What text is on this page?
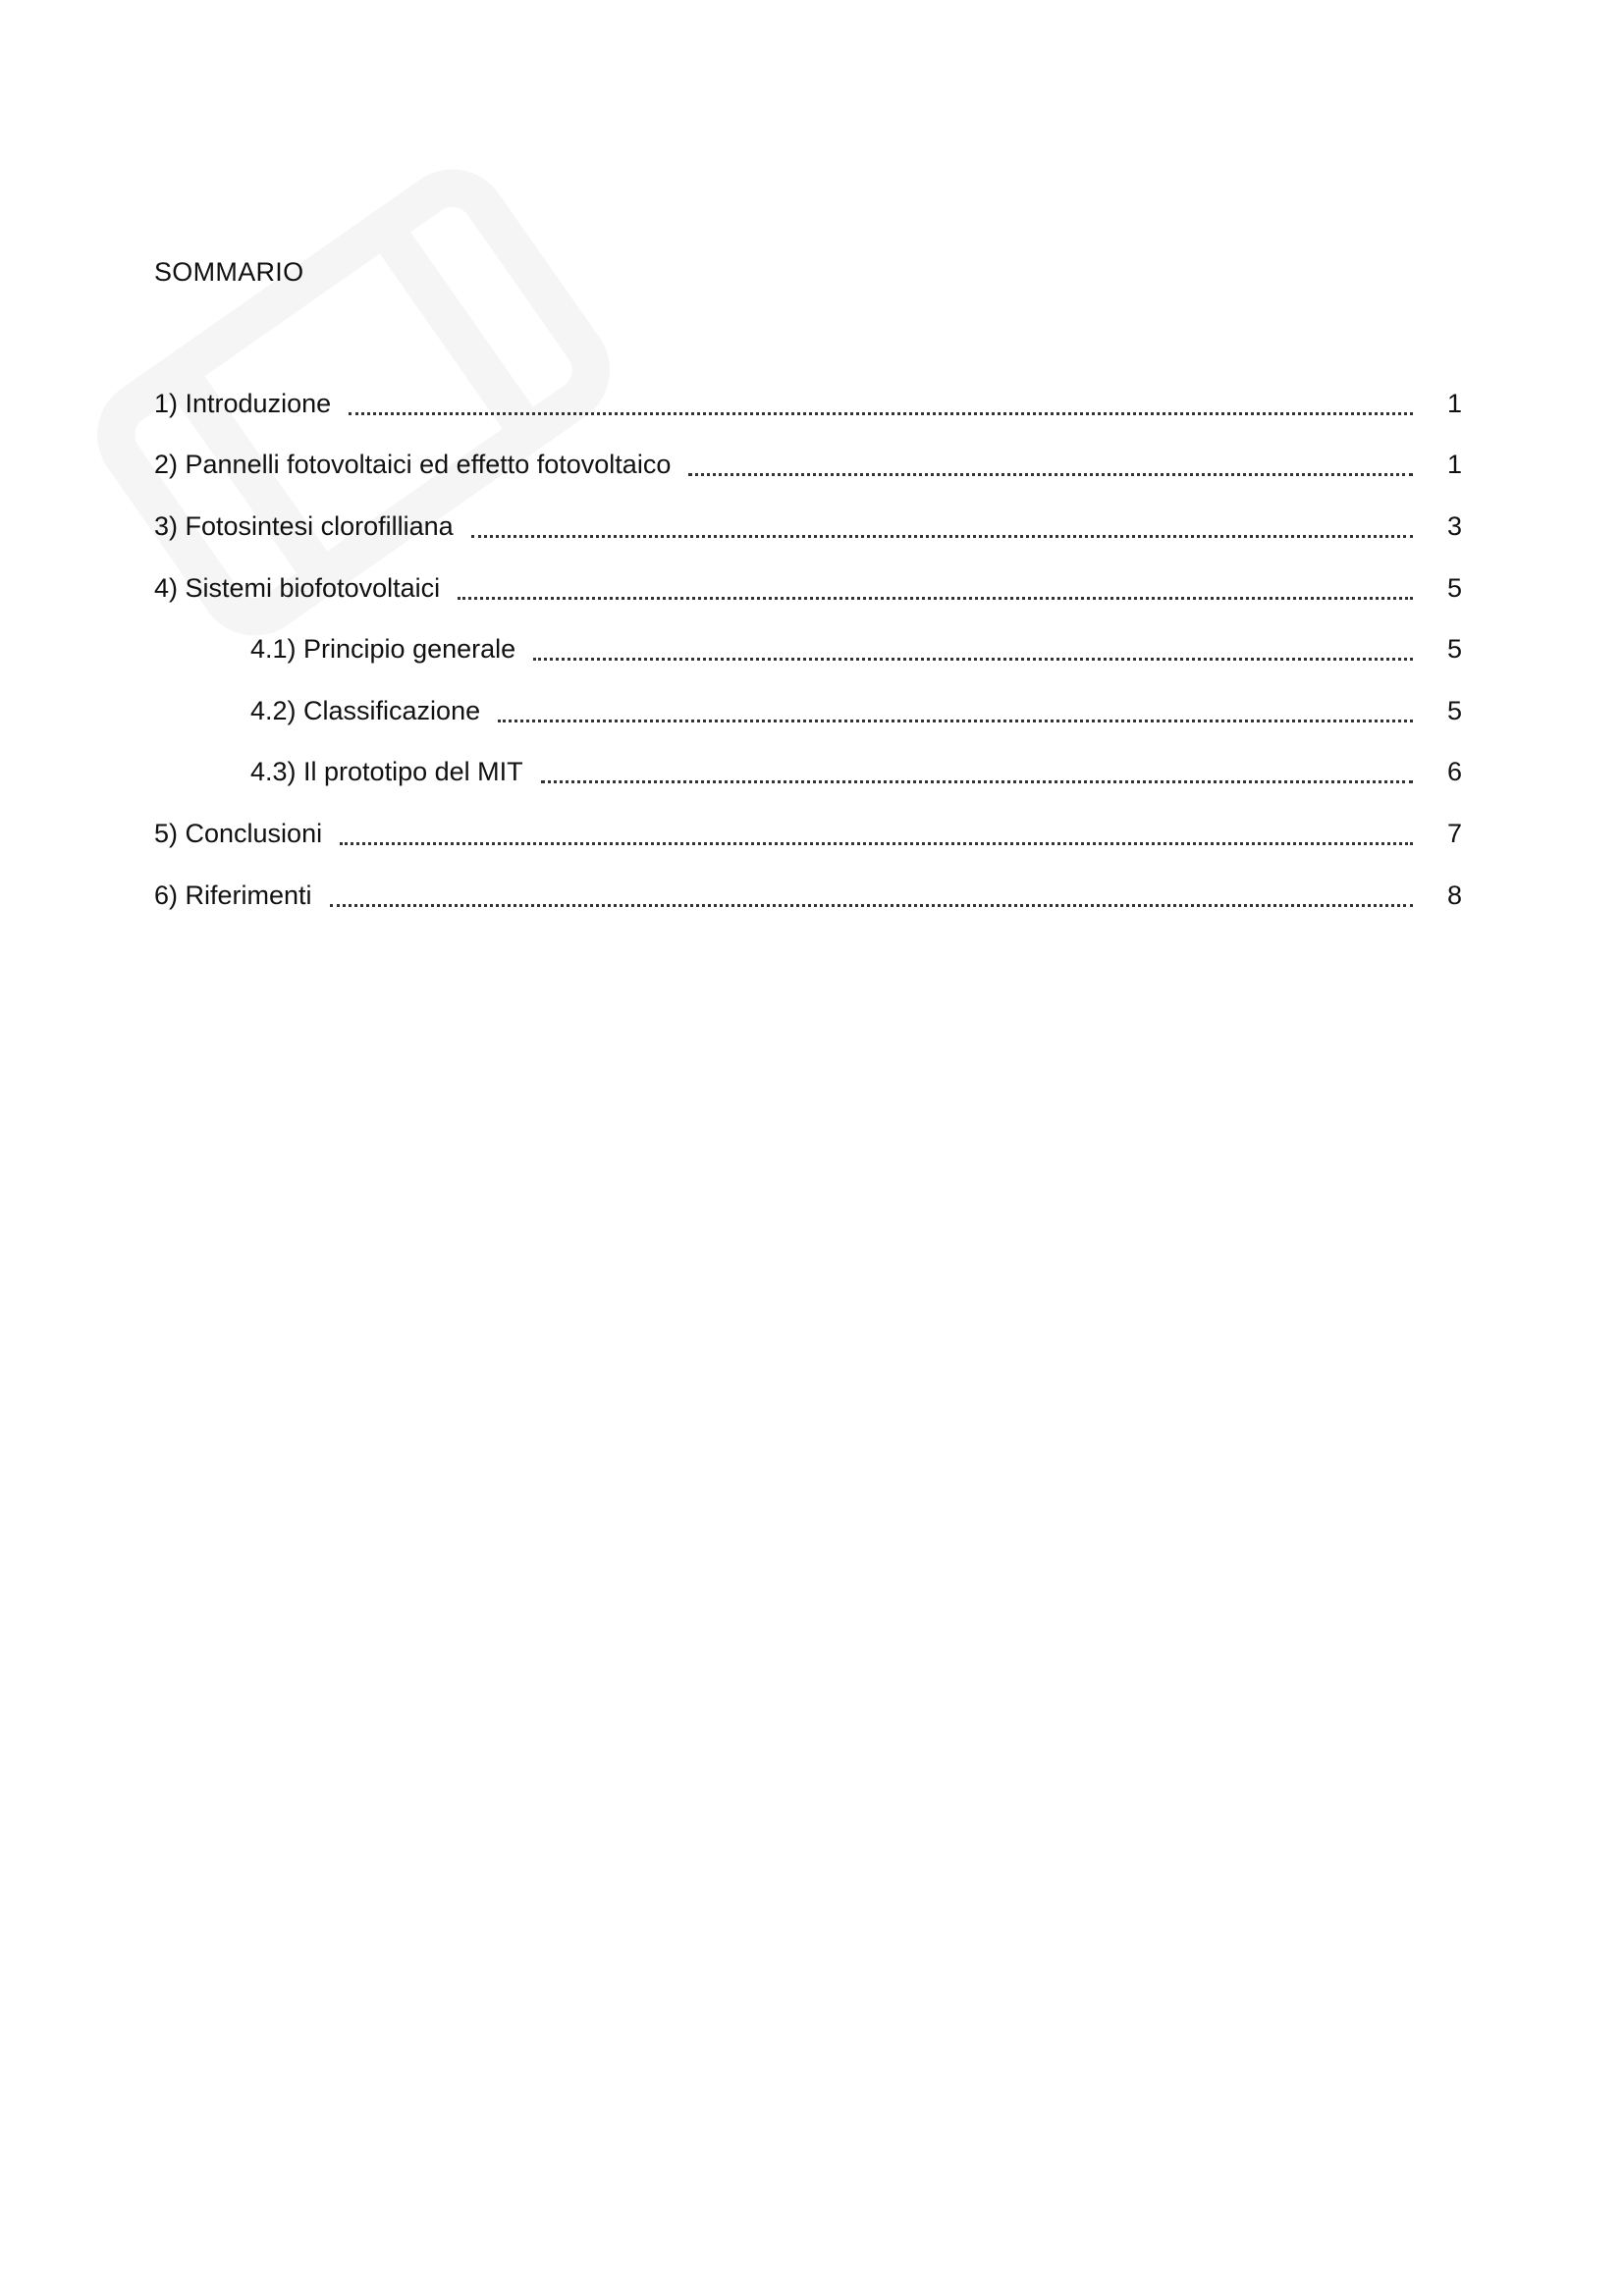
SOMMARIO
1) Introduzione	1
2) Pannelli fotovoltaici ed effetto fotovoltaico	1
3) Fotosintesi clorofilliana	3
4) Sistemi biofotovoltaici	5
4.1) Principio generale	5
4.2) Classificazione	5
4.3) Il prototipo del MIT	6
5) Conclusioni	7
6) Riferimenti	8
